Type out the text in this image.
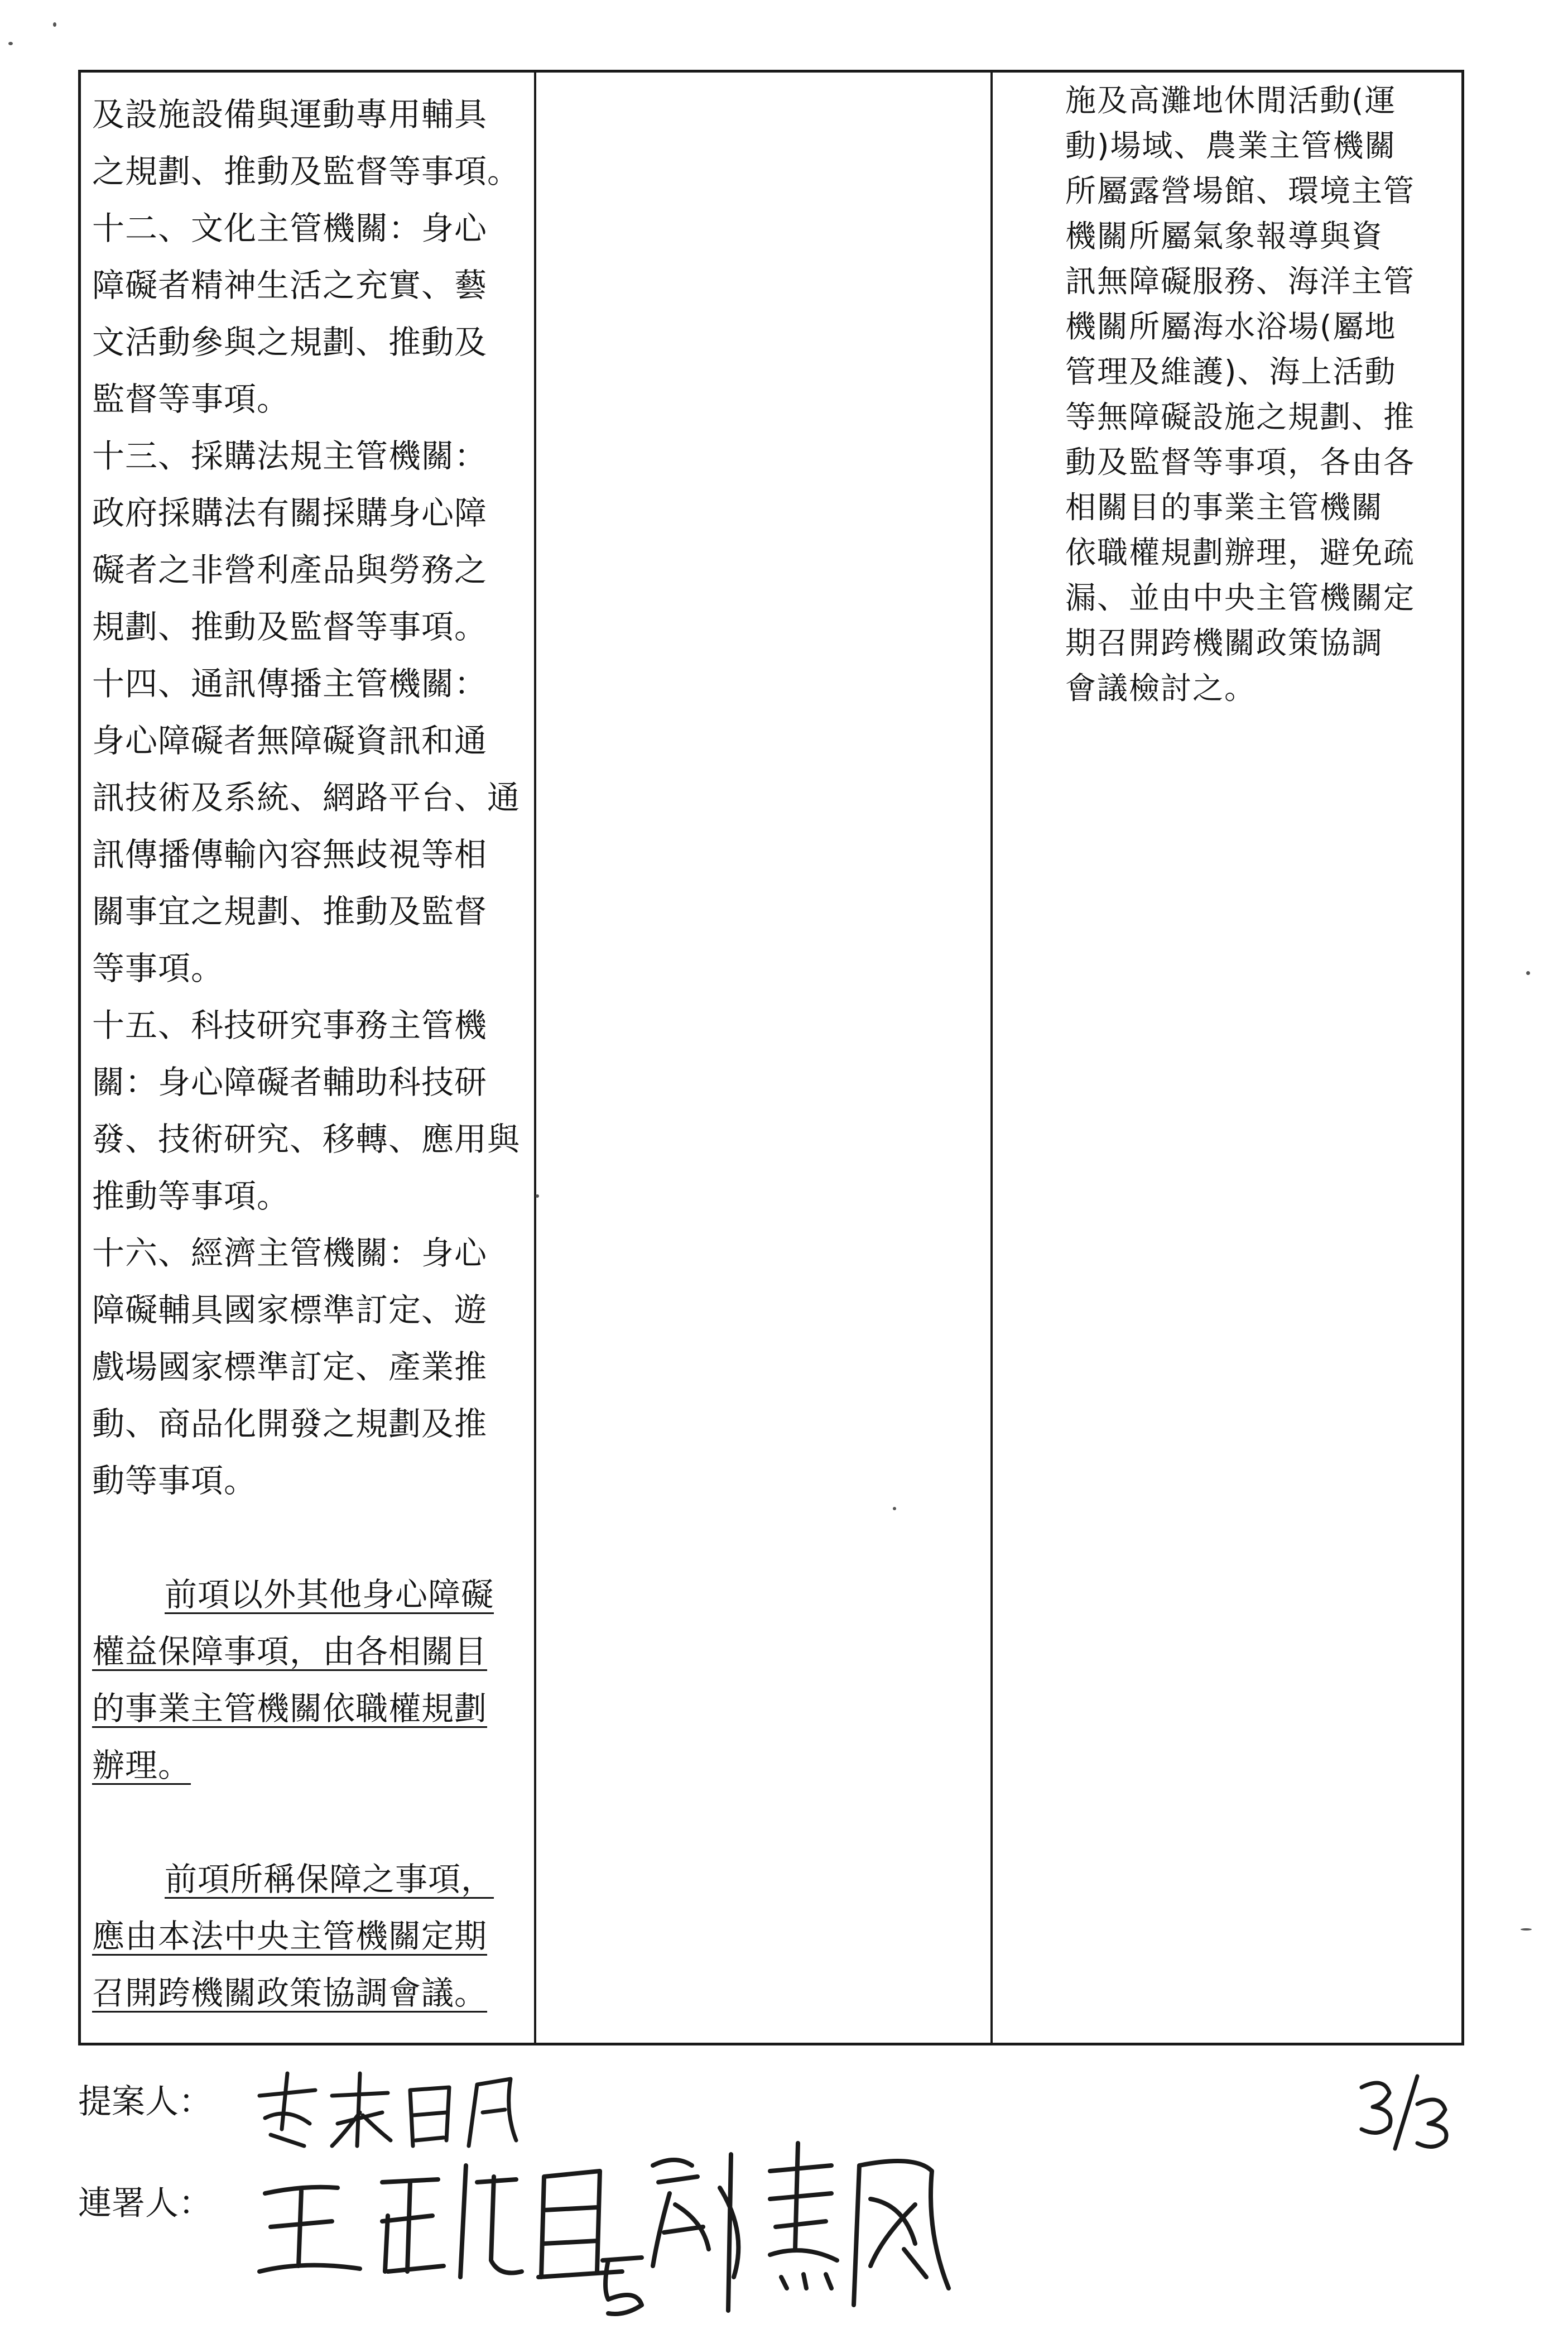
及設施設備與運動專用輔具
之規劃、推動及監督等事項。
十二、文化主管機關：身心
障礙者精神生活之充實、藝
文活動參與之規劃、推動及
監督等事項。
十三、採購法規主管機關：
政府採購法有關採購身心障
礙者之非營利產品與勞務之
規劃、推動及監督等事項。
十四、通訊傳播主管機關：
身心障礙者無障礙資訊和通
訊技術及系統、網路平台、通
訊傳播傳輸內容無歧視等相
關事宜之規劃、推動及監督
等事項。
十五、科技研究事務主管機
關：身心障礙者輔助科技研
發、技術研究、移轉、應用與
推動等事項。
十六、經濟主管機關：身心
障礙輔具國家標準訂定、遊
戲場國家標準訂定、產業推
動、商品化開發之規劃及推
動等事項。
前項以外其他身心障礙
權益保障事項，由各相關目
的事業主管機關依職權規劃
辦理。
前項所稱保障之事項，
應由本法中央主管機關定期
召開跨機關政策協調會議。
施及高灘地休閒活動(運
動)場域、農業主管機關
所屬露營場館、環境主管
機關所屬氣象報導與資
訊無障礙服務、海洋主管
機關所屬海水浴場(屬地
管理及維護)、海上活動
等無障礙設施之規劃、推
動及監督等事項，各由各
相關目的事業主管機關
依職權規劃辦理，避免疏
漏、並由中央主管機關定
期召開跨機關政策協調
會議檢討之。
提案人：
連署人：
3/3
